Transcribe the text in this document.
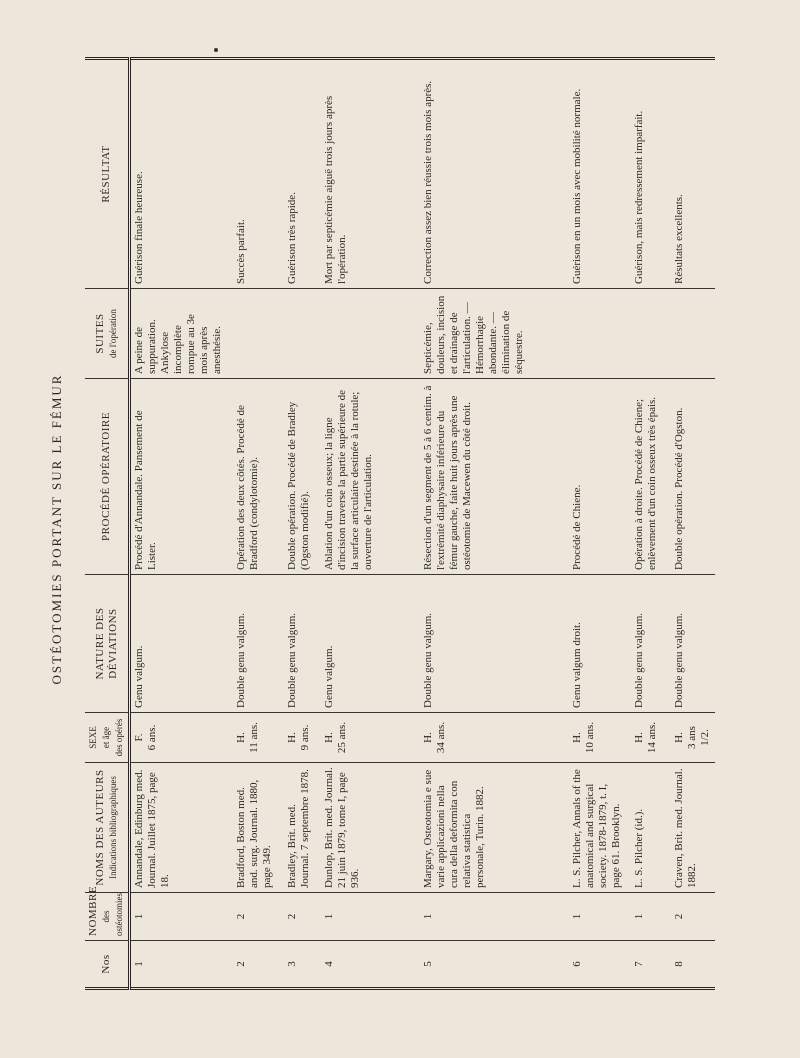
OSTÉOTOMIES PORTANT SUR LE FÉMUR
Nos	NOMBRE des ostéotomies	NOMS DES AUTEURS Indications bibliographiques	SEXE et âge des opérés	NATURE DES DÉVIATIONS	PROCÉDÉ OPÉRATOIRE	SUITES de l'opération	RÉSULTAT
1	1	Annandale, Edinburg med. Journal. Juillet 1875, page 18.	F. 6 ans.	Genu valgum.	Procédé d'Annandale. Pansement de Lister.	A peine de suppuration. Ankylose incomplète rompue au 3e mois après anesthésie.	Guérison finale heureuse.
2	2	Bradford, Boston med. and. surg. Journal. 1880, page 349.	H. 11 ans.	Double genu valgum.	Opération des deux côtés. Procédé de Bradford (condylotomie).		Succès parfait.
3	2	Bradley, Brit. med. Journal. 7 septembre 1878.	H. 9 ans.	Double genu valgum.	Double opération. Procédé de Bradley (Ogston modifié).		Guérison très rapide.
4	1	Dunlop, Brit. med. Journal. 21 juin 1879, tome I, page 936.	H. 25 ans.	Genu valgum.	Ablation d'un coin osseux; la ligne d'incision traverse la partie supérieure de la surface articulaire destinée à la rotule; ouverture de l'articulation.		Mort par septicémie aiguë trois jours après l'opération.
5	1	Margary, Osteotomia e sue varie applicazioni nella cura della deformita con relativa statistica personale, Turin. 1882.	H. 34 ans.	Double genu valgum.	Résection d'un segment de 5 à 6 centim. à l'extrémité diaphysaire inférieure du fémur gauche, faite huit jours après une ostéotomie de Macewen du côté droit.	Septicémie, douleurs, incision et drainage de l'articulation. — Hémorrhagie abondante. — élimination de séquestre.	Correction assez bien réussie trois mois après.
6	1	L. S. Pilcher, Annals of the anatomical and surgical society. 1878-1879, t. I, page 61. Brooklyn.	H. 10 ans.	Genu valgum droit.	Procédé de Chiene.		Guérison en un mois avec mobilité normale.
7	1	L. S. Pilcher (id.).	H. 14 ans.	Double genu valgum.	Opération à droite. Procédé de Chiene; enlèvement d'un coin osseux très épais.		Guérison, mais redressement imparfait.
8	2	Craven, Brit. med. Journal. 1882.	H. 3 ans 1/2.	Double genu valgum.	Double opération. Procédé d'Ogston.		Résultats excellents.
